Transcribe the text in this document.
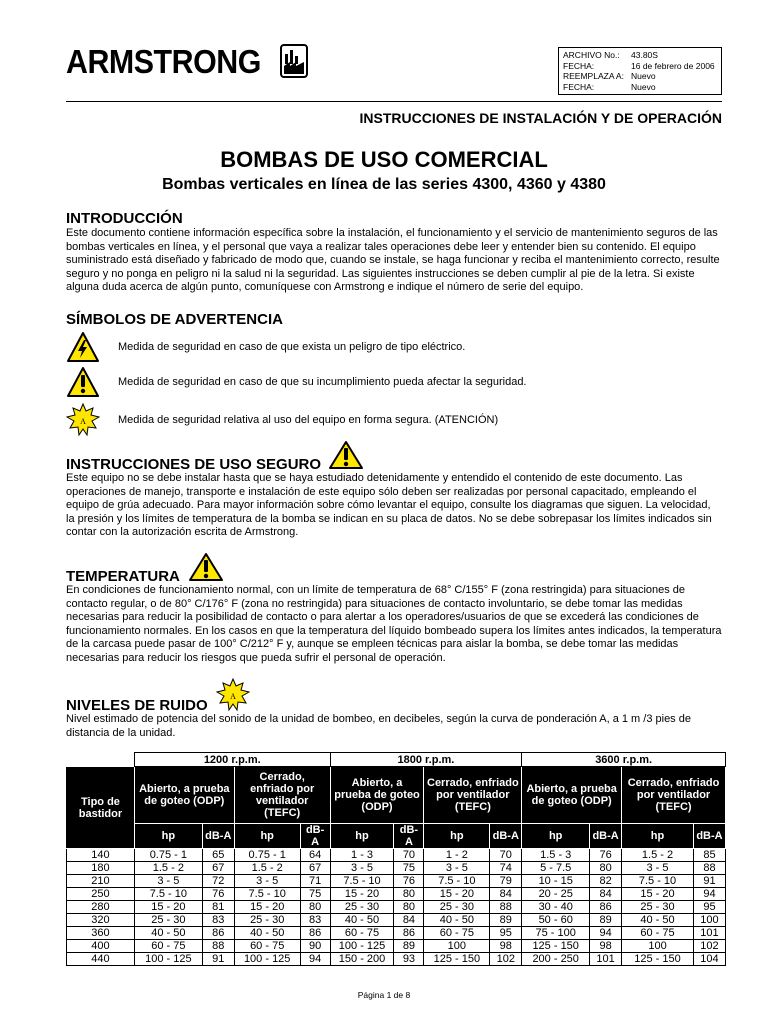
ARMSTRONG	ARCHIVO No.:	43.80S
FECHA:	16 de febrero de 2006
REEMPLAZA A: Nuevo
FECHA:	Nuevo
INSTRUCCIONES DE INSTALACIÓN Y DE OPERACIÓN
BOMBAS DE USO COMERCIAL
Bombas verticales en línea de las series 4300, 4360 y 4380
INTRODUCCIÓN
Este documento contiene información específica sobre la instalación, el funcionamiento y el servicio de mantenimiento seguros de las bombas verticales en línea, y el personal que vaya a realizar tales operaciones debe leer y entender bien su contenido. El equipo suministrado está diseñado y fabricado de modo que, cuando se instale, se haga funcionar y reciba el mantenimiento correcto, resulte seguro y no ponga en peligro ni la salud ni la seguridad. Las siguientes instrucciones se deben cumplir al pie de la letra. Si existe alguna duda acerca de algún punto, comuníquese con Armstrong e indique el número de serie del equipo.
SÍMBOLOS DE ADVERTENCIA
Medida de seguridad en caso de que exista un peligro de tipo eléctrico.
Medida de seguridad en caso de que su incumplimiento pueda afectar la seguridad.
A	Medida de seguridad relativa al uso del equipo en forma segura. (ATENCIÓN)
INSTRUCCIONES DE USO SEGURO
Este equipo no se debe instalar hasta que se haya estudiado detenidamente y entendido el contenido de este documento. Las operaciones de manejo, transporte e instalación de este equipo sólo deben ser realizadas por personal capacitado, empleando el equipo de grúa adecuado. Para mayor información sobre cómo levantar el equipo, consulte los diagramas que siguen. La velocidad, la presión y los límites de temperatura de la bomba se indican en su placa de datos. No se debe sobrepasar los límites indicados sin contar con la autorización escrita de Armstrong.
TEMPERATURA
En condiciones de funcionamiento normal, con un límite de temperatura de 68° C/155° F (zona restringida) para situaciones de contacto regular, o de 80° C/176° F (zona no restringida) para situaciones de contacto involuntario, se debe tomar las medidas necesarias para reducir la posibilidad de contacto o para alertar a los operadores/usuarios de que se excederá las condiciones de funcionamiento normales. En los casos en que la temperatura del líquido bombeado supera los límites antes indicados, la temperatura de la carcasa puede pasar de 100° C/212° F y, aunque se empleen técnicas para aislar la bomba, se debe tomar las medidas necesarias para reducir los riesgos que pueda sufrir el personal de operación.
NIVELES DE RUIDO
A
Nivel estimado de potencia del sonido de la unidad de bombeo, en decibeles, según la curva de ponderación A, a 1 m /3 pies de distancia de la unidad.
	1200 r.p.m.				1800 r.p.m.				3600 r.p.m.			
Tipo de bastidor	Abierto, a prueba de goteo (ODP)		Cerrado, enfriado por ventilador (TEFC)		Abierto, a prueba de goteo (ODP)		Cerrado, enfriado por ventilador (TEFC)		Abierto, a prueba de goteo (ODP)		Cerrado, enfriado por ventilador (TEFC)	
	hp	dB-A	hp	dB-A	hp	dB-A	hp	dB-A	hp	dB-A	hp	dB-A
140	0.75 - 1	65	0.75 - 1	64	1 - 3	70	1 - 2	70	1.5 - 3	76	1.5 - 2	85
180	1.5 - 2	67	1.5 - 2	67	3 - 5	75	3 - 5	74	5 - 7.5	80	3 - 5	88
210	3 - 5	72	3 - 5	71	7.5 - 10	76	7.5 - 10	79	10 - 15	82	7.5 - 10	91
250	7.5 - 10	76	7.5 - 10	75	15 - 20	80	15 - 20	84	20 - 25	84	15 - 20	94
280	15 - 20	81	15 - 20	80	25 - 30	80	25 - 30	88	30 - 40	86	25 - 30	95
320	25 - 30	83	25 - 30	83	40 - 50	84	40 - 50	89	50 - 60	89	40 - 50	100
360	40 - 50	86	40 - 50	86	60 - 75	86	60 - 75	95	75 - 100	94	60 - 75	101
400	60 - 75	88	60 - 75	90	100 - 125	89	100	98	125 - 150	98	100	102
440	100 - 125	91	100 - 125	94	150 - 200	93	125 - 150	102	200 - 250	101	125 - 150	104
Página 1 de 8
